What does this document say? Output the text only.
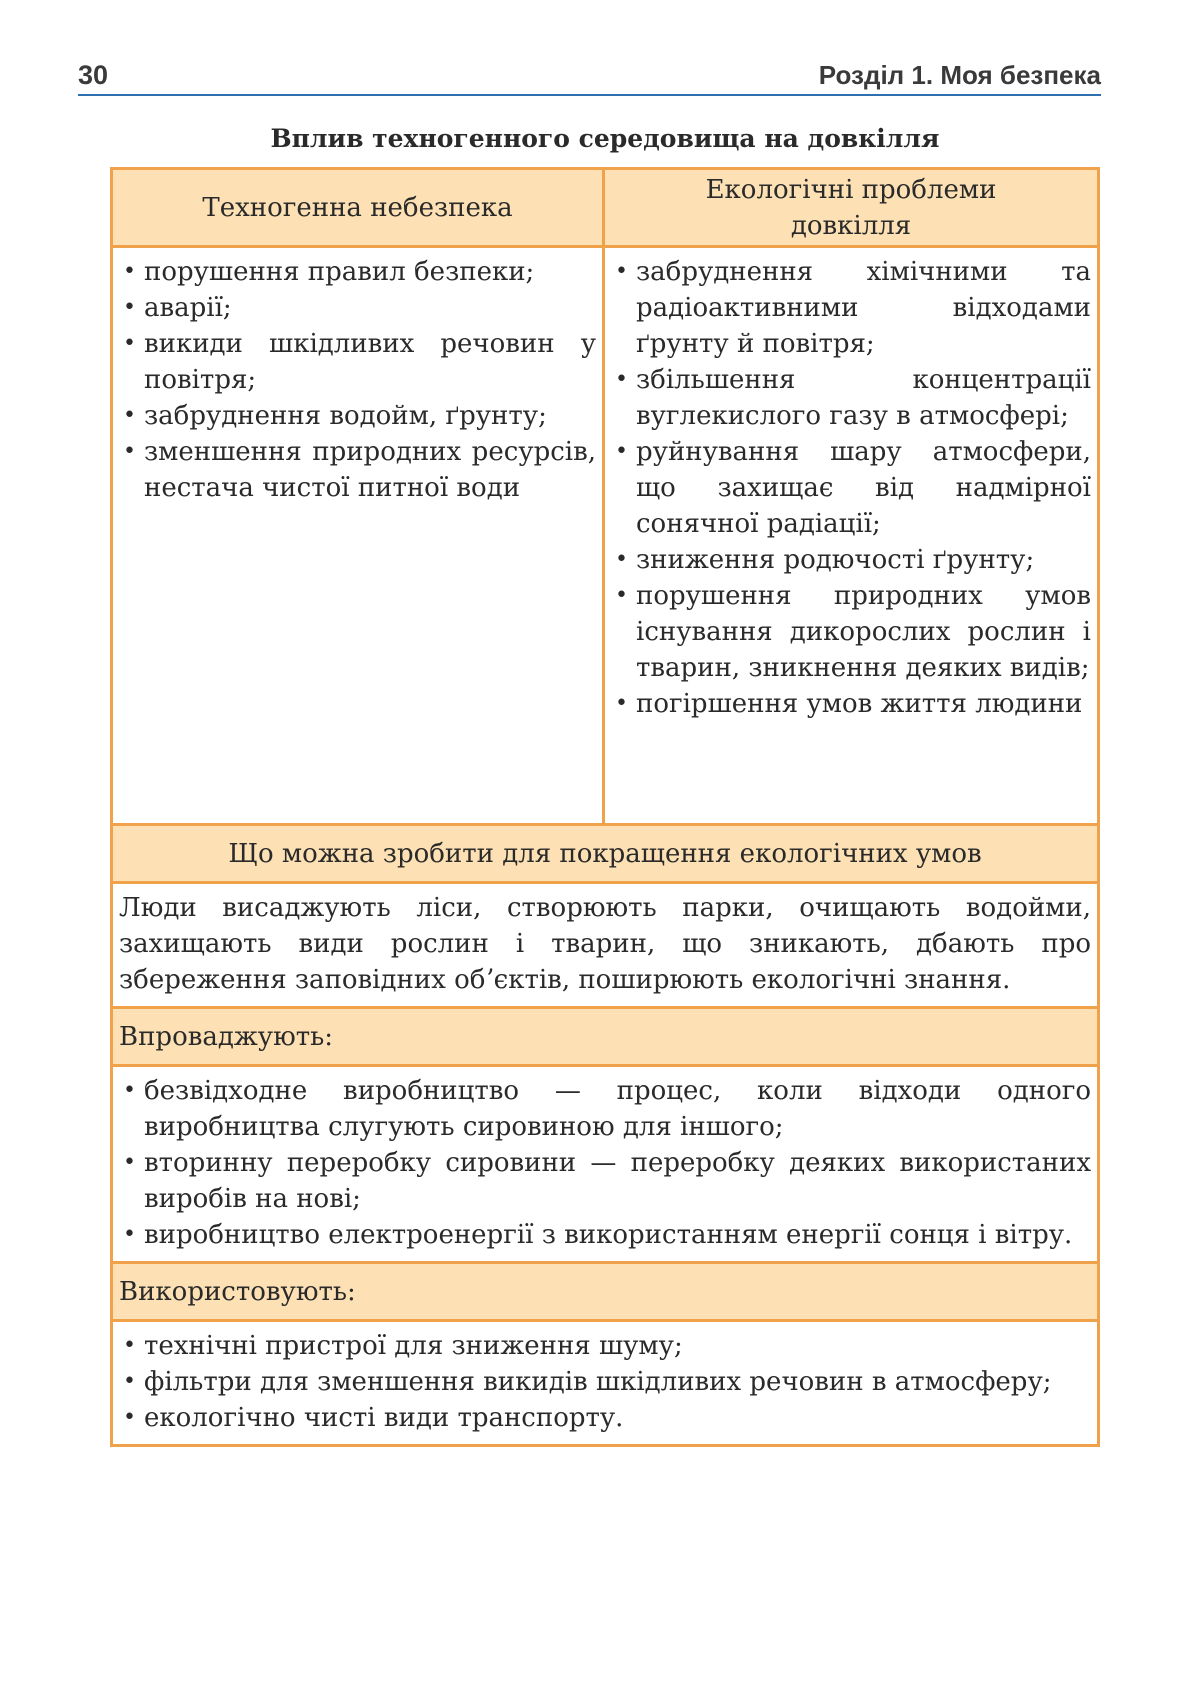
30	Розділ 1. Моя безпека
Вплив техногенного середовища на довкілля
Техногенна небезпека
Екологічні проблеми довкілля
• порушення правил безпеки;
• аварії;
• викиди шкідливих речовин у повітря;
• забруднення водойм, ґрунту;
• зменшення природних ресурсів, нестача чистої питної води
• забруднення хімічними та радіоактивними відходами ґрунту й повітря;
• збільшення концентрації вуглекислого газу в атмосфері;
• руйнування шару атмосфери, що захищає від надмірної сонячної радіації;
• зниження родючості ґрунту;
• порушення природних умов існування дикорослих рослин і тварин, зникнення деяких видів;
• погіршення умов життя людини
Що можна зробити для покращення екологічних умов
Люди висаджують ліси, створюють парки, очищають водойми, захищають види рослин і тварин, що зникають, дбають про збереження заповідних обʼєктів, поширюють екологічні знання.
Впроваджують:
• безвідходне виробництво — процес, коли відходи одного виробництва слугують сировиною для іншого;
• вторинну переробку сировини — переробку деяких використаних виробів на нові;
• виробництво електроенергії з використанням енергії сонця і вітру.
Використовують:
• технічні пристрої для зниження шуму;
• фільтри для зменшення викидів шкідливих речовин в атмосферу;
• екологічно чисті види транспорту.
